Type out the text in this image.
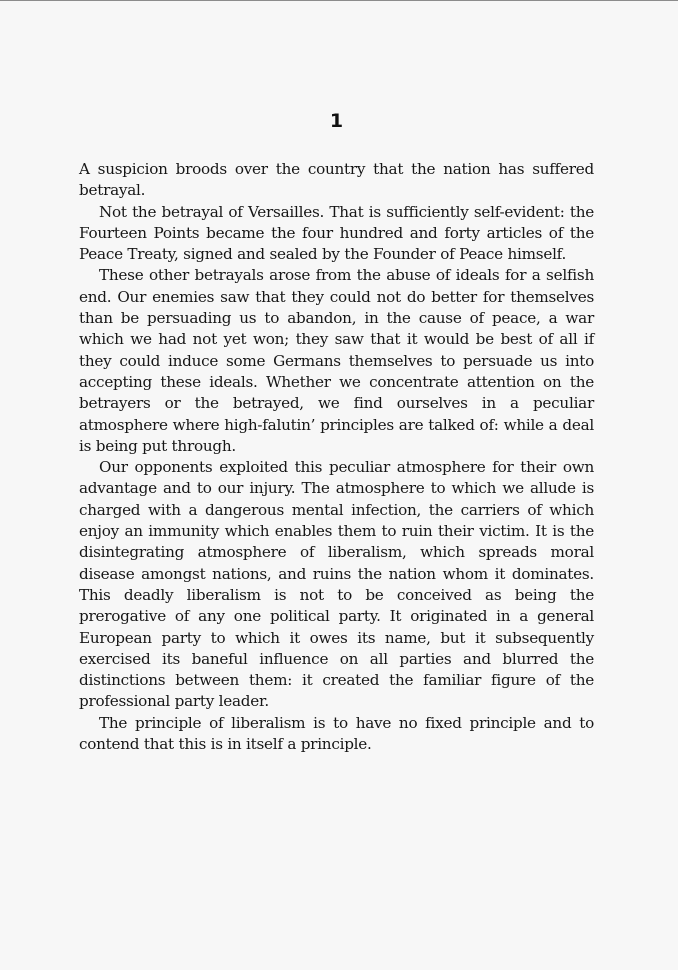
1

A suspicion broods over the country that the nation has suffered betrayal.

Not the betrayal of Versailles. That is sufficiently self-evident: the Fourteen Points became the four hundred and forty articles of the Peace Treaty, signed and sealed by the Founder of Peace himself.

These other betrayals arose from the abuse of ideals for a selfish end. Our enemies saw that they could not do better for themselves than be persuading us to abandon, in the cause of peace, a war which we had not yet won; they saw that it would be best of all if they could induce some Germans themselves to persuade us into accepting these ideals. Whether we concentrate attention on the betrayers or the betrayed, we find ourselves in a peculiar atmosphere where high-falutin’ principles are talked of: while a deal is being put through.

Our opponents exploited this peculiar atmosphere for their own advantage and to our injury. The atmosphere to which we allude is charged with a dangerous mental infection, the carriers of which enjoy an immunity which enables them to ruin their victim. It is the disintegrating atmosphere of liberalism, which spreads moral disease amongst nations, and ruins the nation whom it dominates. This deadly liberalism is not to be conceived as being the prerogative of any one political party. It originated in a general European party to which it owes its name, but it subsequently exercised its baneful influence on all parties and blurred the distinctions between them: it created the familiar figure of the professional party leader.

The principle of liberalism is to have no fixed principle and to contend that this is in itself a principle.
